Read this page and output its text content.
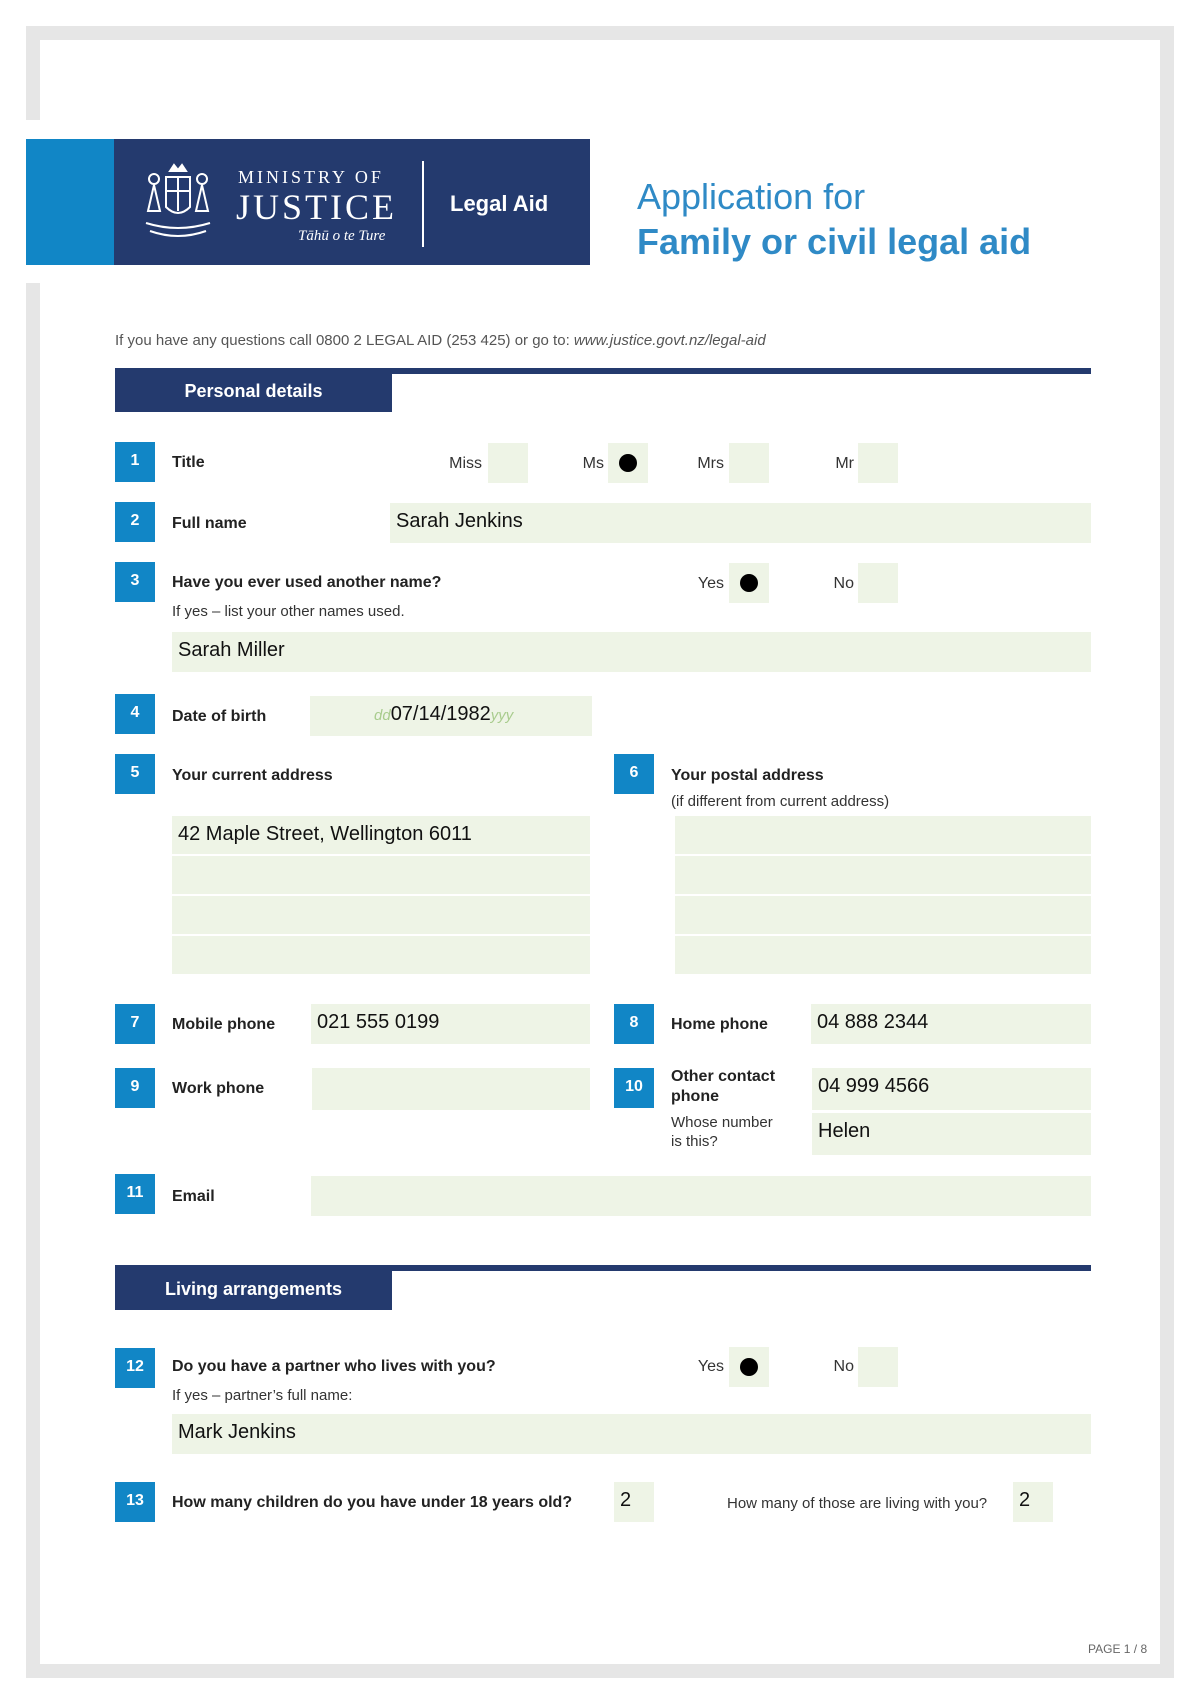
MINISTRY OF
JUSTICE
Tāhū o te Ture
Legal Aid Application for
Family or civil legal aid
If you have any questions call 0800 2 LEGAL AID (253 425) or go to: www.justice.govt.nz/legal-aid
Personal details
1	Title	Miss	Ms	Mrs	Mr
2	Full name	Sarah Jenkins
3	Have you ever used another name?
If yes – list your other names used.
Yes	No
Sarah Miller
4	Date of birth	dd07/14/1982yyy
5	Your current address
42 Maple Street, Wellington 6011
6	Your postal address
(if different from current address)
7	Mobile phone	021 555 0199	8	Home phone	04 888 2344
9	Work phone	10
Other contact
phone	04 999 4566
Whose number
is this?	Helen
11	Email
Living arrangements
12	Do you have a partner who lives with you?
If yes – partner’s full name:
Yes	No
Mark Jenkins
13	How many children do you have under 18 years old?	2	How many of those are living with you?	2
PAGE 1 / 8
